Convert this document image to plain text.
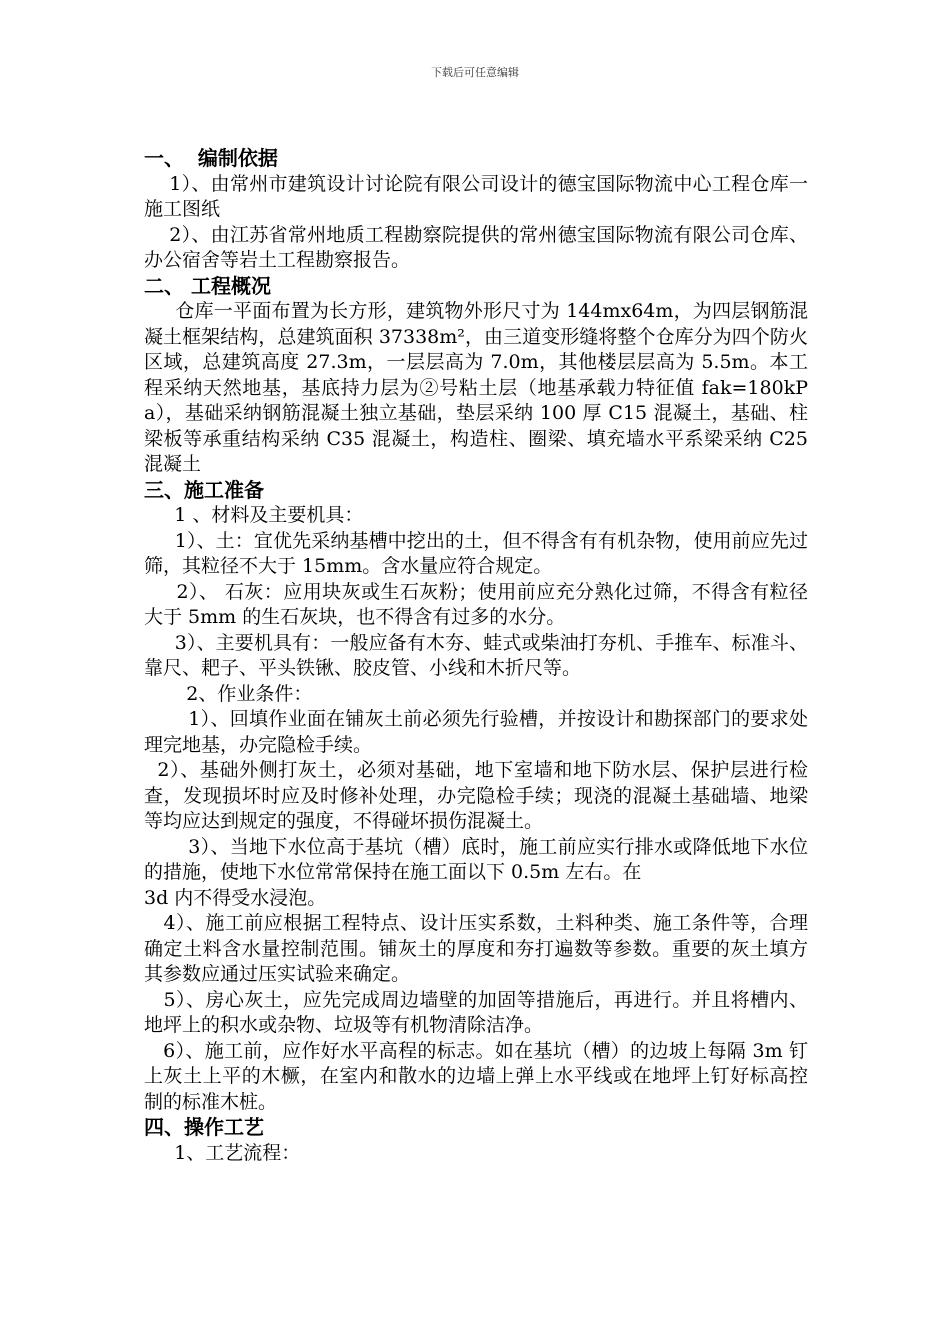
下载后可任意编辑
一、  编制依据
1）、由常州市建筑设计讨论院有限公司设计的德宝国际物流中心工程仓库一施工图纸
2）、由江苏省常州地质工程勘察院提供的常州德宝国际物流有限公司仓库、办公宿舍等岩土工程勘察报告。
二、 工程概况
仓库一平面布置为长方形，建筑物外形尺寸为 144mx64m，为四层钢筋混凝土框架结构，总建筑面积 37338m²，由三道变形缝将整个仓库分为四个防火区域，总建筑高度 27.3m，一层层高为 7.0m，其他楼层层高为 5.5m。本工程采纳天然地基，基底持力层为②号粘土层（地基承载力特征值 fak=180kPa），基础采纳钢筋混凝土独立基础，垫层采纳 100 厚 C15 混凝土，基础、柱梁板等承重结构采纳 C35 混凝土，构造柱、圈梁、填充墙水平系梁采纳 C25 混凝土
三、施工准备
1 、材料及主要机具：
1）、土：宜优先采纳基槽中挖出的土，但不得含有有机杂物，使用前应先过筛，其粒径不大于 15mm。含水量应符合规定。
2）、 石灰：应用块灰或生石灰粉；使用前应充分熟化过筛，不得含有粒径大于 5mm 的生石灰块，也不得含有过多的水分。
3）、主要机具有：一般应备有木夯、蛙式或柴油打夯机、手推车、标准斗、靠尺、耙子、平头铁锹、胶皮管、小线和木折尺等。
2、作业条件：
1）、回填作业面在铺灰土前必须先行验槽，并按设计和勘探部门的要求处理完地基，办完隐检手续。
2）、基础外侧打灰土，必须对基础，地下室墙和地下防水层、保护层进行检查，发现损坏时应及时修补处理，办完隐检手续；现浇的混凝土基础墙、地梁等均应达到规定的强度，不得碰坏损伤混凝土。
3）、当地下水位高于基坑（槽）底时，施工前应实行排水或降低地下水位的措施，使地下水位常常保持在施工面以下 0.5m 左右。在
3d 内不得受水浸泡。
4）、施工前应根据工程特点、设计压实系数，土料种类、施工条件等，合理确定土料含水量控制范围。铺灰土的厚度和夯打遍数等参数。重要的灰土填方其参数应通过压实试验来确定。
5）、房心灰土，应先完成周边墙壁的加固等措施后，再进行。并且将槽内、地坪上的积水或杂物、垃圾等有机物清除洁净。
6）、施工前，应作好水平高程的标志。如在基坑（槽）的边坡上每隔 3m 钉上灰土上平的木橛，在室内和散水的边墙上弹上水平线或在地坪上钉好标高控制的标准木桩。
四、操作工艺
1、工艺流程：
